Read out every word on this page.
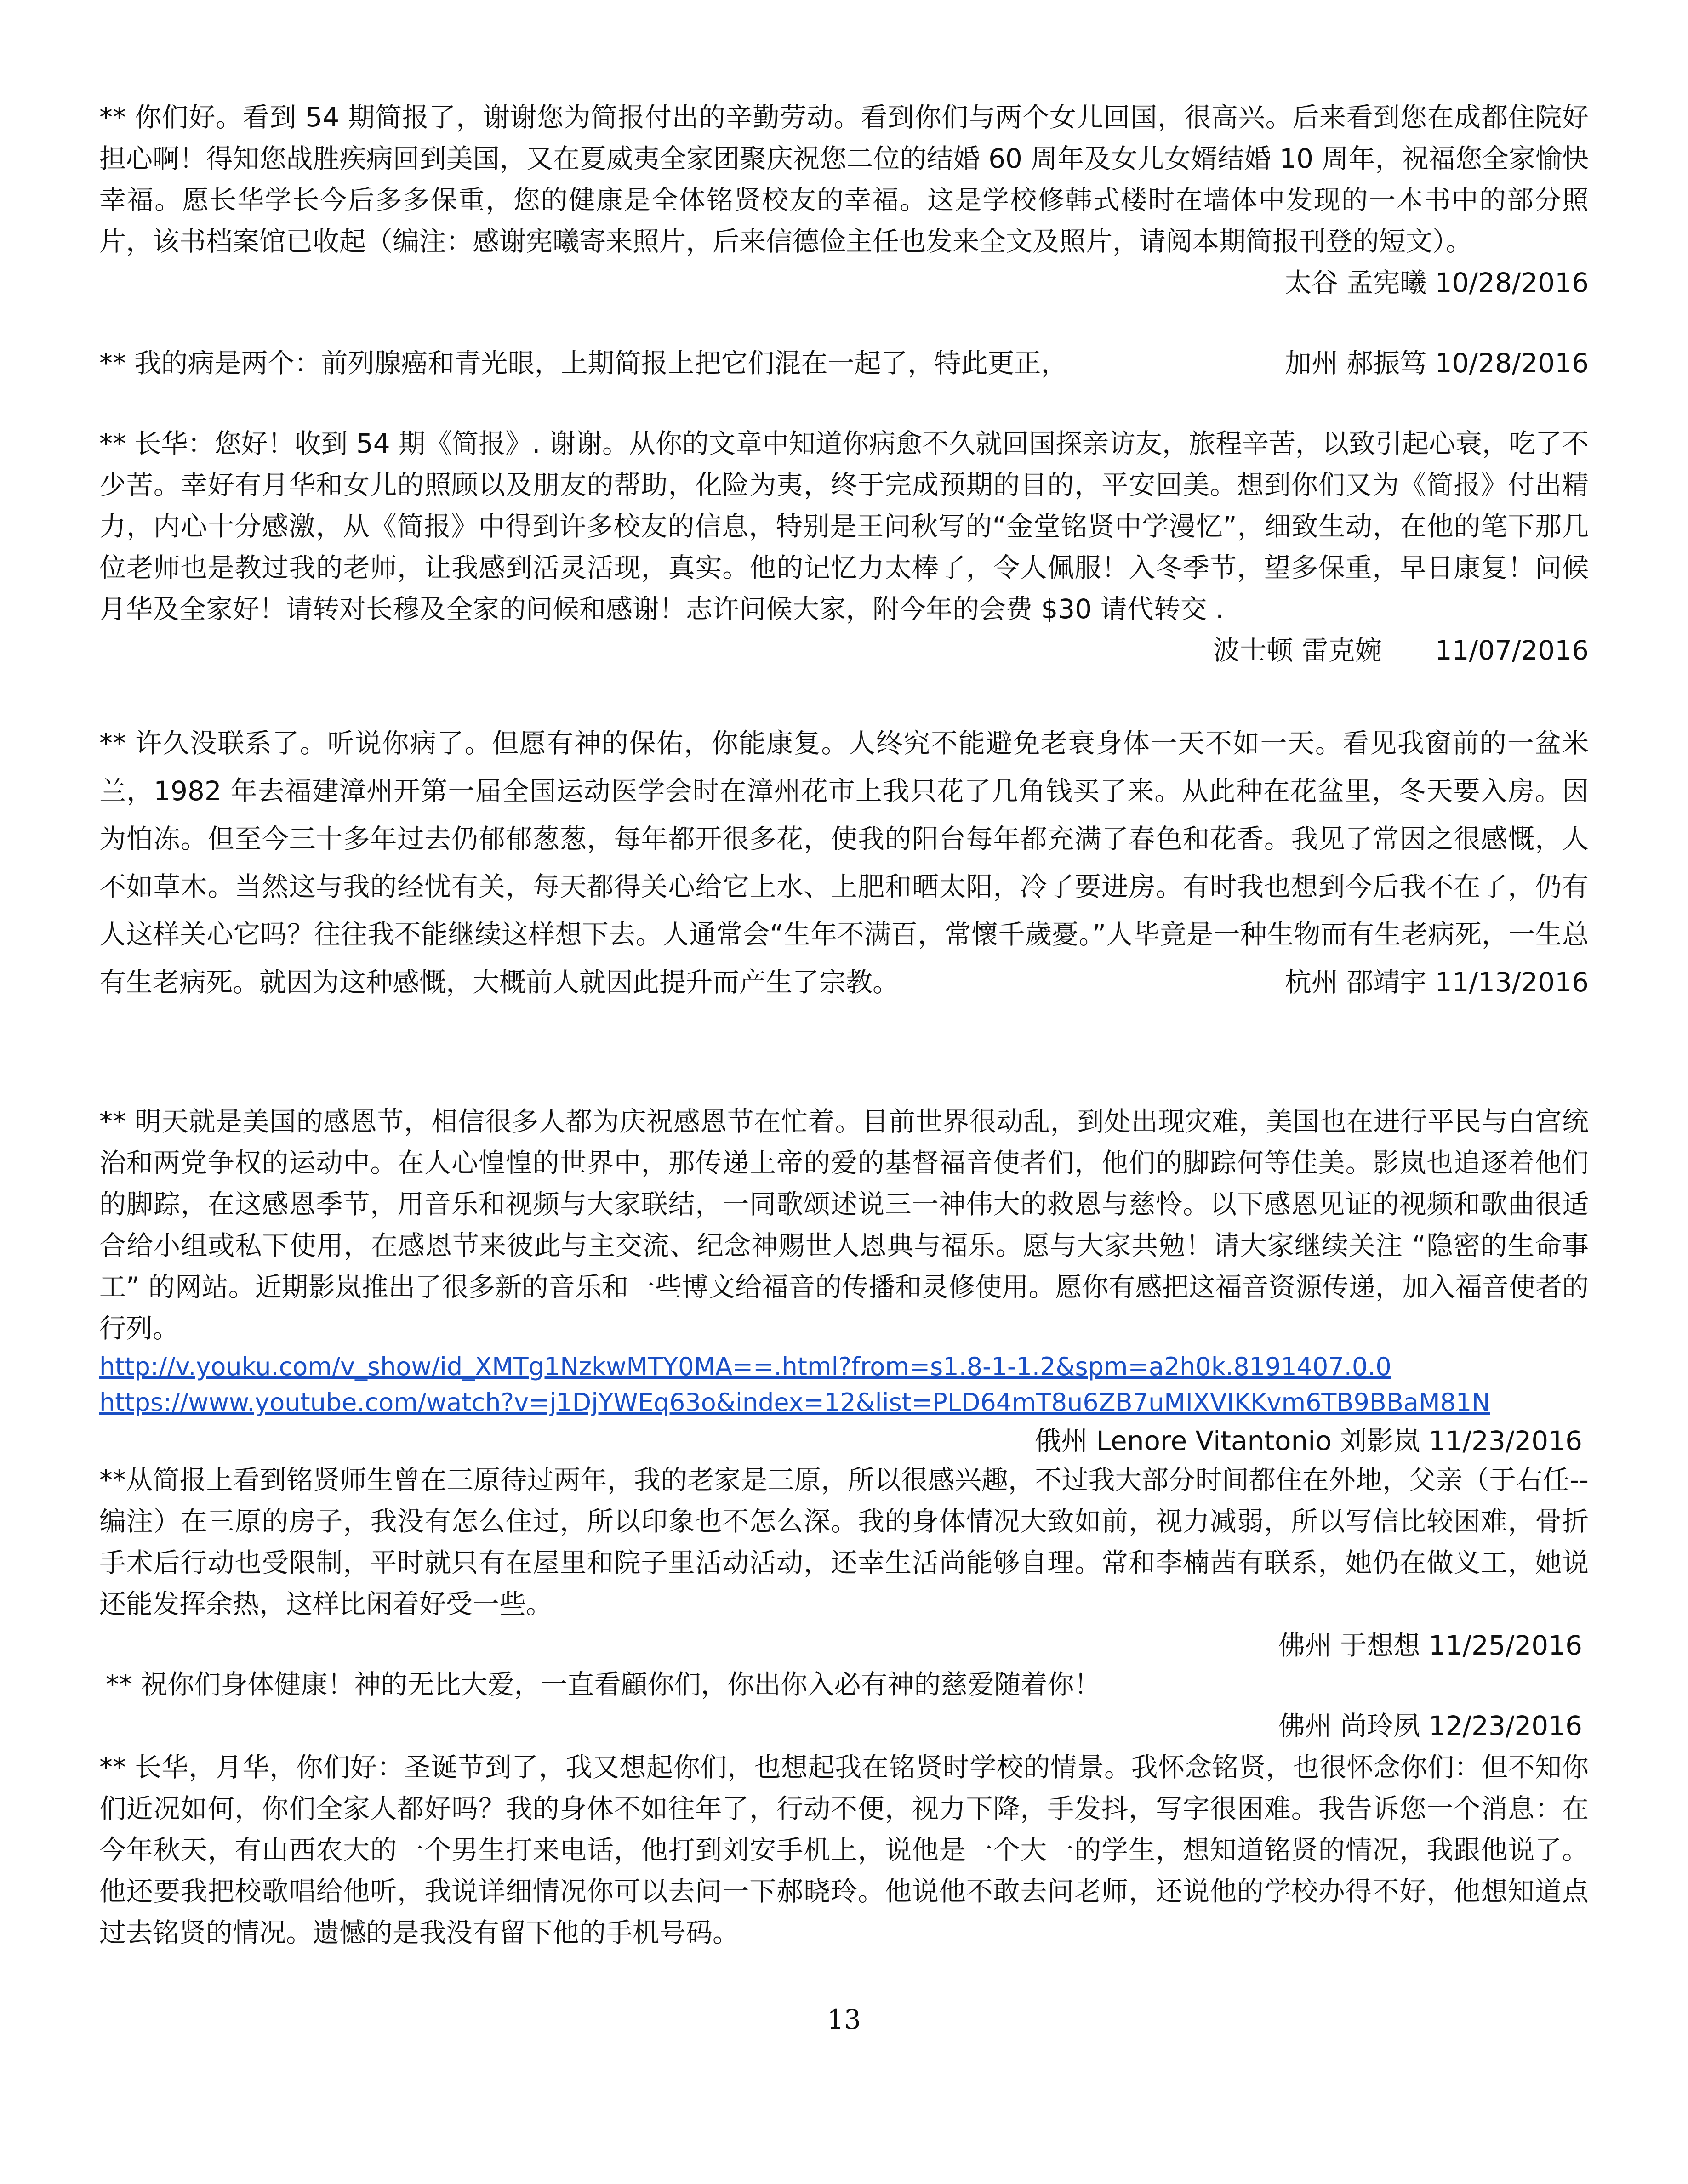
** 你们好。看到 54 期简报了，谢谢您为简报付出的辛勤劳动。看到你们与两个女儿回国，很高兴。后来看到您在成都住院好担心啊！得知您战胜疾病回到美国，又在夏威夷全家团聚庆祝您二位的结婚 60 周年及女儿女婿结婚 10 周年，祝福您全家愉快幸福。愿长华学长今后多多保重，您的健康是全体铭贤校友的幸福。这是学校修韩式楼时在墙体中发现的一本书中的部分照片，该书档案馆已收起（编注：感谢宪曦寄来照片，后来信德俭主任也发来全文及照片，请阅本期简报刊登的短文）。
太谷 孟宪曦 10/28/2016

** 我的病是两个：前列腺癌和青光眼，上期简报上把它们混在一起了，特此更正，	加州 郝振笃 10/28/2016

** 长华：您好！收到 54 期《简报》. 谢谢。从你的文章中知道你病愈不久就回国探亲访友，旅程辛苦，以致引起心衰，吃了不少苦。幸好有月华和女儿的照顾以及朋友的帮助，化险为夷，终于完成预期的目的，平安回美。想到你们又为《简报》付出精力，内心十分感激，从《简报》中得到许多校友的信息，特别是王问秋写的“金堂铭贤中学漫忆”，细致生动，在他的笔下那几位老师也是教过我的老师，让我感到活灵活现，真实。他的记忆力太棒了，令人佩服！入冬季节，望多保重，早日康复！问候月华及全家好！请转对长穆及全家的问候和感谢！志许问候大家，附今年的会费 $30 请代转交 .
波士顿 雷克婉　　11/07/2016

** 许久没联系了。听说你病了。但愿有神的保佑，你能康复。人终究不能避免老衰身体一天不如一天。看见我窗前的一盆米兰，1982 年去福建漳州开第一届全国运动医学会时在漳州花市上我只花了几角钱买了来。从此种在花盆里，冬天要入房。因为怕冻。但至今三十多年过去仍郁郁葱葱，每年都开很多花，使我的阳台每年都充满了春色和花香。我见了常因之很感慨，人不如草木。当然这与我的经忧有关，每天都得关心给它上水、上肥和晒太阳，冷了要进房。有时我也想到今后我不在了，仍有人这样关心它吗？往往我不能继续这样想下去。人通常会“生年不满百，常懷千歲憂。”人毕竟是一种生物而有生老病死，一生总有生老病死。就因为这种感慨，大概前人就因此提升而产生了宗教。	杭州 邵靖宇 11/13/2016

** 明天就是美国的感恩节，相信很多人都为庆祝感恩节在忙着。目前世界很动乱，到处出现灾难，美国也在进行平民与白宫统治和两党争权的运动中。在人心惶惶的世界中，那传递上帝的爱的基督福音使者们，他们的脚踪何等佳美。影岚也追逐着他们的脚踪，在这感恩季节，用音乐和视频与大家联结，一同歌颂述说三一神伟大的救恩与慈怜。以下感恩见证的视频和歌曲很适合给小组或私下使用，在感恩节来彼此与主交流、纪念神赐世人恩典与福乐。愿与大家共勉！请大家继续关注 “隐密的生命事工” 的网站。近期影岚推出了很多新的音乐和一些博文给福音的传播和灵修使用。愿你有感把这福音资源传递，加入福音使者的行列。

http://v.youku.com/v_show/id_XMTg1NzkwMTY0MA==.html?from=s1.8-1-1.2&spm=a2h0k.8191407.0.0
https://www.youtube.com/watch?v=j1DjYWEq63o&index=12&list=PLD64mT8u6ZB7uMIXVIKKvm6TB9BBaM81N
俄州 Lenore Vitantonio 刘影岚 11/23/2016

**从简报上看到铭贤师生曾在三原待过两年，我的老家是三原，所以很感兴趣，不过我大部分时间都住在外地，父亲（于右任--编注）在三原的房子，我没有怎么住过，所以印象也不怎么深。我的身体情况大致如前，视力减弱，所以写信比较困难，骨折手术后行动也受限制，平时就只有在屋里和院子里活动活动，还幸生活尚能够自理。常和李楠茜有联系，她仍在做义工，她说还能发挥余热，这样比闲着好受一些。

佛州 于想想 11/25/2016

** 祝你们身体健康！神的无比大爱，一直看顧你们，你出你入必有神的慈爱随着你！

佛州 尚玲夙 12/23/2016

** 长华，月华，你们好：圣诞节到了，我又想起你们，也想起我在铭贤时学校的情景。我怀念铭贤，也很怀念你们：但不知你们近况如何，你们全家人都好吗？我的身体不如往年了，行动不便，视力下降，手发抖，写字很困难。我告诉您一个消息：在今年秋天，有山西农大的一个男生打来电话，他打到刘安手机上，说他是一个大一的学生，想知道铭贤的情况，我跟他说了。他还要我把校歌唱给他听，我说详细情况你可以去问一下郝晓玲。他说他不敢去问老师，还说他的学校办得不好，他想知道点过去铭贤的情况。遗憾的是我没有留下他的手机号码。

13
